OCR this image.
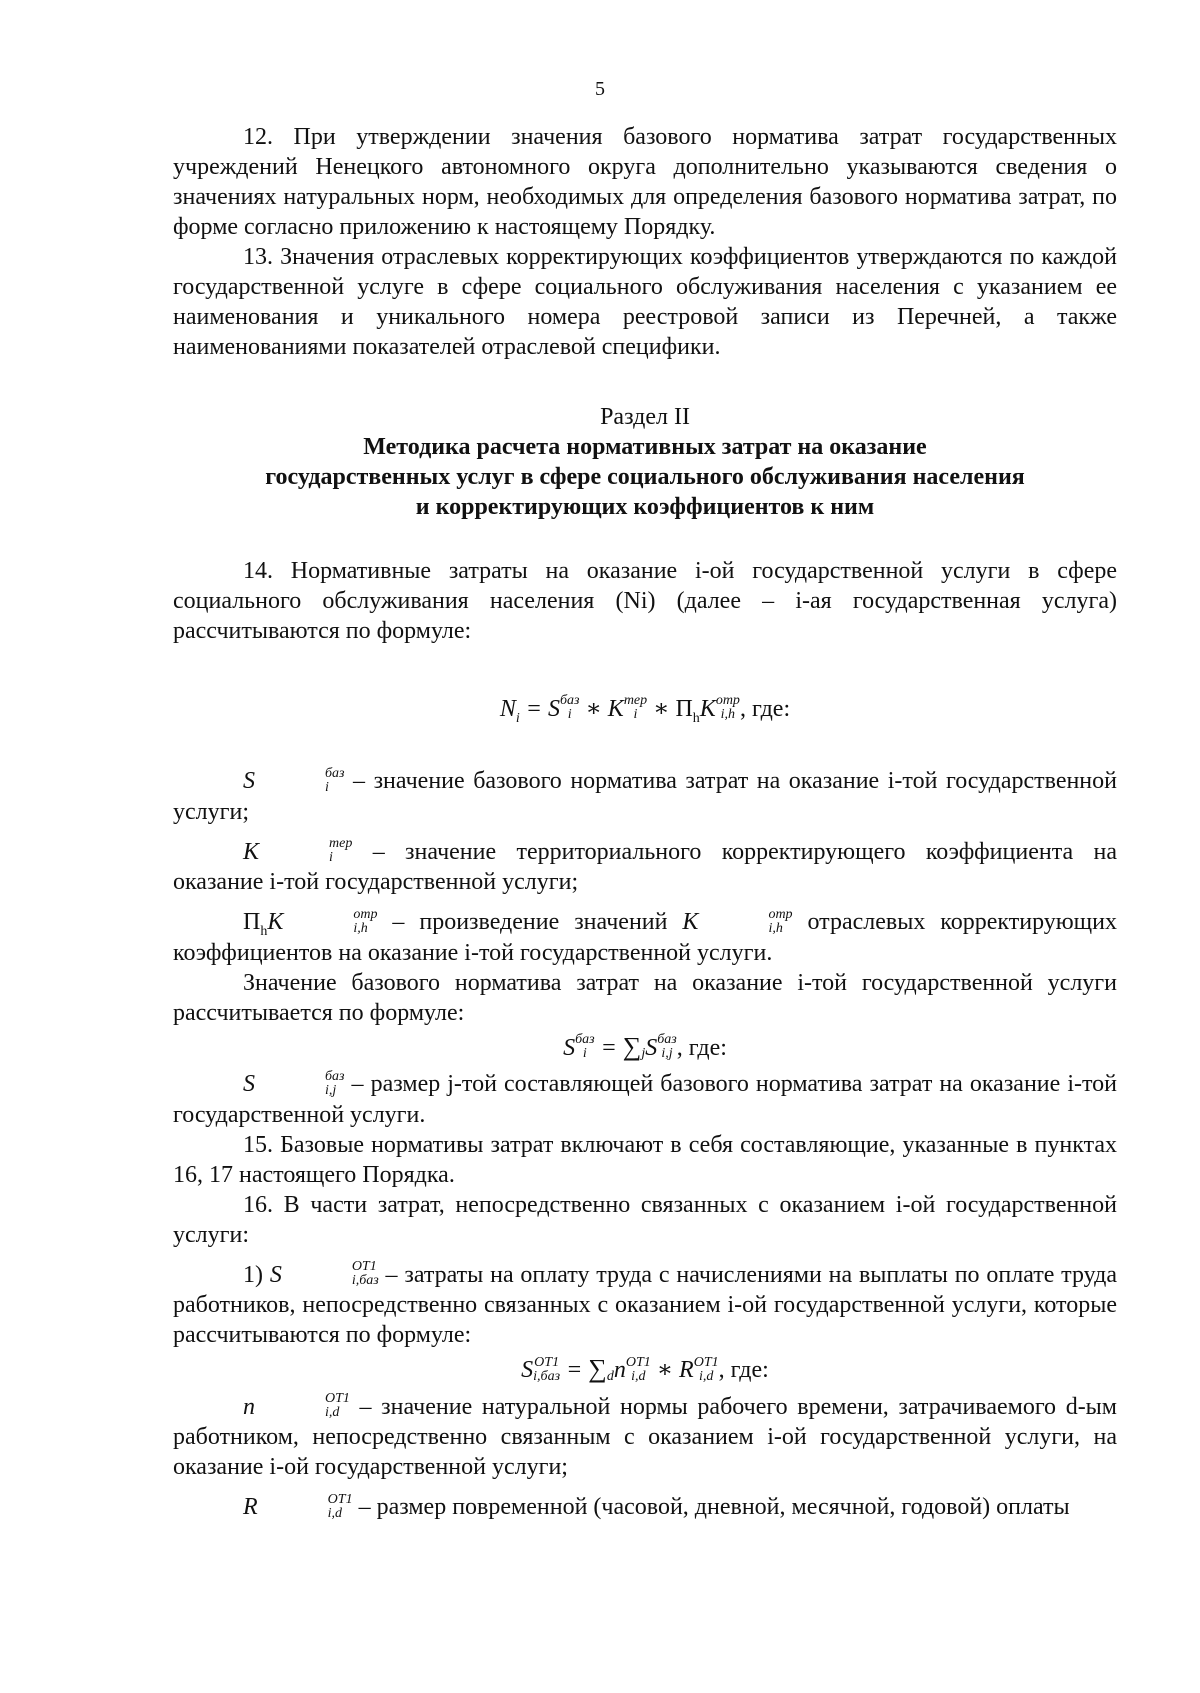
5

12. При утверждении значения базового норматива затрат государственных учреждений Ненецкого автономного округа дополнительно указываются сведения о значениях натуральных норм, необходимых для определения базового норматива затрат, по форме согласно приложению к настоящему Порядку.

13. Значения отраслевых корректирующих коэффициентов утверждаются по каждой государственной услуге в сфере социального обслуживания населения с указанием ее наименования и уникального номера реестровой записи из Перечней, а также наименованиями показателей отраслевой специфики.

Раздел II

Методика расчета нормативных затрат на оказание

государственных услуг в сфере социального обслуживания населения

и корректирующих коэффициентов к ним

14. Нормативные затраты на оказание i-ой государственной услуги в сфере социального обслуживания населения (Ni) (далее – i-ая государственная услуга) рассчитываются по формуле:

$N_i = S$ баз
i ∗ K тер
i ∗ $П_hK$ отр
i,h , где:

S	баз
i – значение базового норматива затрат на оказание i-той государственной услуги;

K	тер
i – значение территориального корректирующего коэффициента на оказание i-той государственной услуги;

$П_hK$	отр
i,h – произведение значений K	отр
i,h отраслевых корректирующих коэффициентов на оказание i-той государственной услуги.

Значение базового норматива затрат на оказание i-той государственной услуги рассчитывается по формуле:

S баз
i = ∑
j S баз
i,j , где:

S	баз
i,j – размер j-той составляющей базового норматива затрат на оказание i-той государственной услуги.

15. Базовые нормативы затрат включают в себя составляющие, указанные в пунктах 16, 17 настоящего Порядка.

16. В части затрат, непосредственно связанных с оказанием i-ой государственной услуги:

1) S	ОТ1
i,баз – затраты на оплату труда с начислениями на выплаты по оплате труда работников, непосредственно связанных с оказанием i-ой государственной услуги, которые рассчитываются по формуле:

S ОТ1
i,баз = ∑
d n ОТ1
i,d ∗ R ОТ1
i,d , где:

n	ОТ1
i,d – значение натуральной нормы рабочего времени, затрачиваемого d-ым работником, непосредственно связанным с оказанием i-ой государственной услуги, на оказание i-ой государственной услуги;

R	ОТ1
i,d – размер повременной (часовой, дневной, месячной, годовой) оплаты
